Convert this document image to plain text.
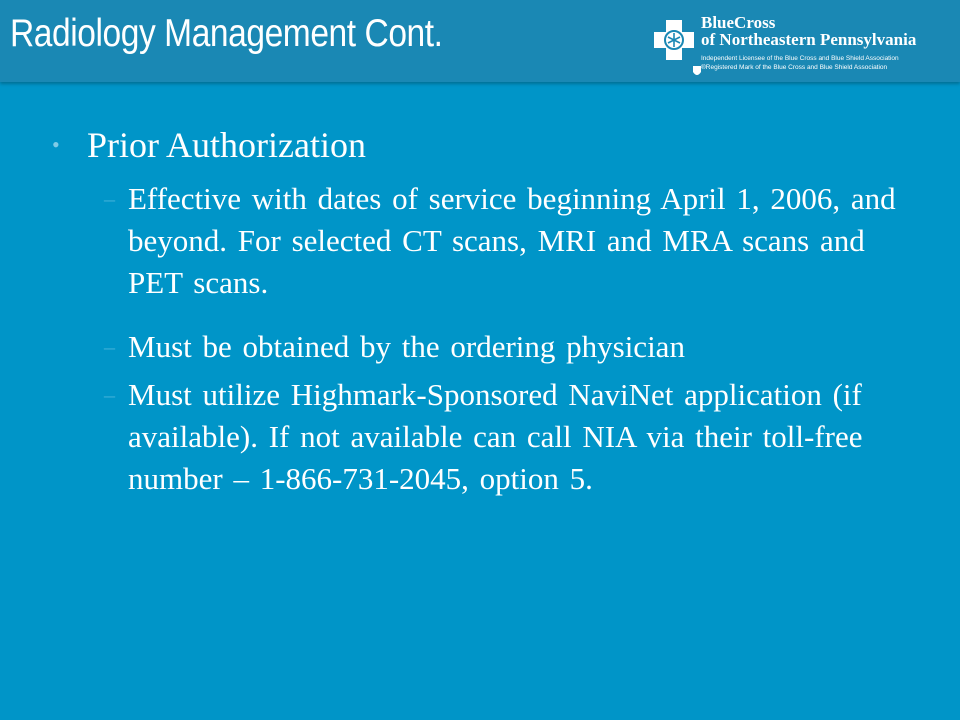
Radiology Management Cont.	BlueCross
of Northeastern Pennsylvania
Independent Licensee of the Blue Cross and Blue Shield Association
®Registered Mark of the Blue Cross and Blue Shield Association
• Prior Authorization
– Effective with dates of service beginning April 1, 2006, and beyond. For selected CT scans, MRI and MRA scans and PET scans.
– Must be obtained by the ordering physician
– Must utilize Highmark-Sponsored NaviNet application (if available). If not available can call NIA via their toll-free number – 1-866-731-2045, option 5.
